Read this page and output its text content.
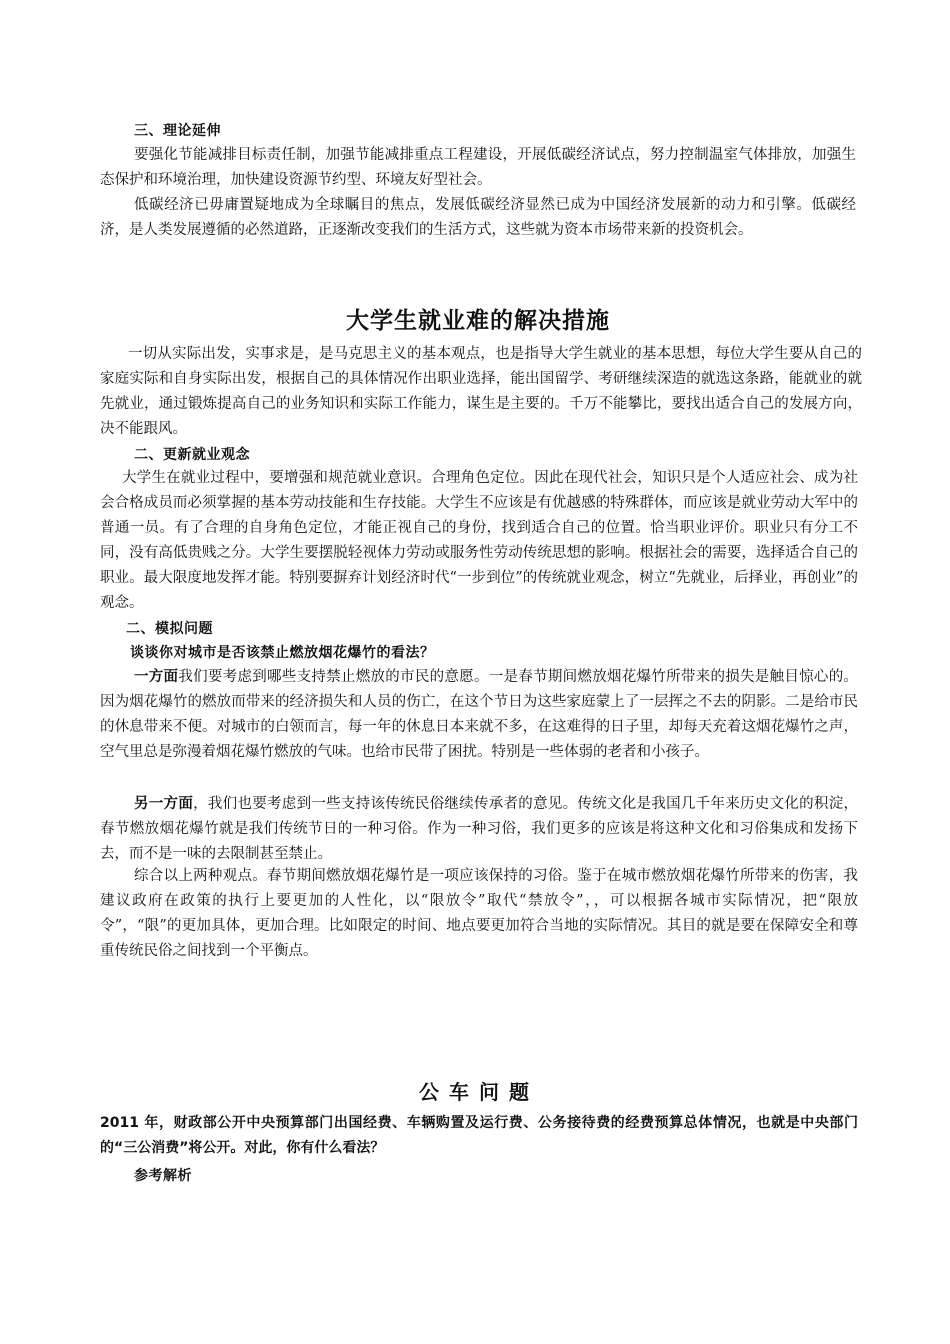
三、理论延伸
要强化节能减排目标责任制，加强节能减排重点工程建设，开展低碳经济试点，努力控制温室气体排放，加强生态保护和环境治理，加快建设资源节约型、环境友好型社会。
低碳经济已毋庸置疑地成为全球瞩目的焦点，发展低碳经济显然已成为中国经济发展新的动力和引擎。低碳经济，是人类发展遵循的必然道路，正逐渐改变我们的生活方式，这些就为资本市场带来新的投资机会。
大学生就业难的解决措施
一切从实际出发，实事求是，是马克思主义的基本观点，也是指导大学生就业的基本思想，每位大学生要从自己的家庭实际和自身实际出发，根据自己的具体情况作出职业选择，能出国留学、考研继续深造的就选这条路，能就业的就先就业，通过锻炼提高自己的业务知识和实际工作能力，谋生是主要的。千万不能攀比，要找出适合自己的发展方向，决不能跟风。
二、更新就业观念
大学生在就业过程中，要增强和规范就业意识。合理角色定位。因此在现代社会，知识只是个人适应社会、成为社会合格成员而必须掌握的基本劳动技能和生存技能。大学生不应该是有优越感的特殊群体，而应该是就业劳动大军中的普通一员。有了合理的自身角色定位，才能正视自己的身份，找到适合自己的位置。恰当职业评价。职业只有分工不同，没有高低贵贱之分。大学生要摆脱轻视体力劳动或服务性劳动传统思想的影响。根据社会的需要，选择适合自己的职业。最大限度地发挥才能。特别要摒弃计划经济时代“一步到位”的传统就业观念，树立“先就业，后择业，再创业”的观念。
二、模拟问题
谈谈你对城市是否该禁止燃放烟花爆竹的看法？
一方面我们要考虑到哪些支持禁止燃放的市民的意愿。一是春节期间燃放烟花爆竹所带来的损失是触目惊心的。因为烟花爆竹的燃放而带来的经济损失和人员的伤亡，在这个节日为这些家庭蒙上了一层挥之不去的阴影。二是给市民的休息带来不便。对城市的白领而言，每一年的休息日本来就不多，在这难得的日子里，却每天充着这烟花爆竹之声，空气里总是弥漫着烟花爆竹燃放的气味。也给市民带了困扰。特别是一些体弱的老者和小孩子。
另一方面，我们也要考虑到一些支持该传统民俗继续传承者的意见。传统文化是我国几千年来历史文化的积淀，春节燃放烟花爆竹就是我们传统节日的一种习俗。作为一种习俗，我们更多的应该是将这种文化和习俗集成和发扬下去，而不是一味的去限制甚至禁止。
综合以上两种观点。春节期间燃放烟花爆竹是一项应该保持的习俗。鉴于在城市燃放烟花爆竹所带来的伤害，我建议政府在政策的执行上要更加的人性化，以“限放令”取代“禁放令”，，可以根据各城市实际情况，把“限放令”，“限”的更加具体，更加合理。比如限定的时间、地点要更加符合当地的实际情况。其目的就是要在保障安全和尊重传统民俗之间找到一个平衡点。
公车问题
2011 年，财政部公开中央预算部门出国经费、车辆购置及运行费、公务接待费的经费预算总体情况，也就是中央部门的“三公消费”将公开。对此，你有什么看法？
参考解析
